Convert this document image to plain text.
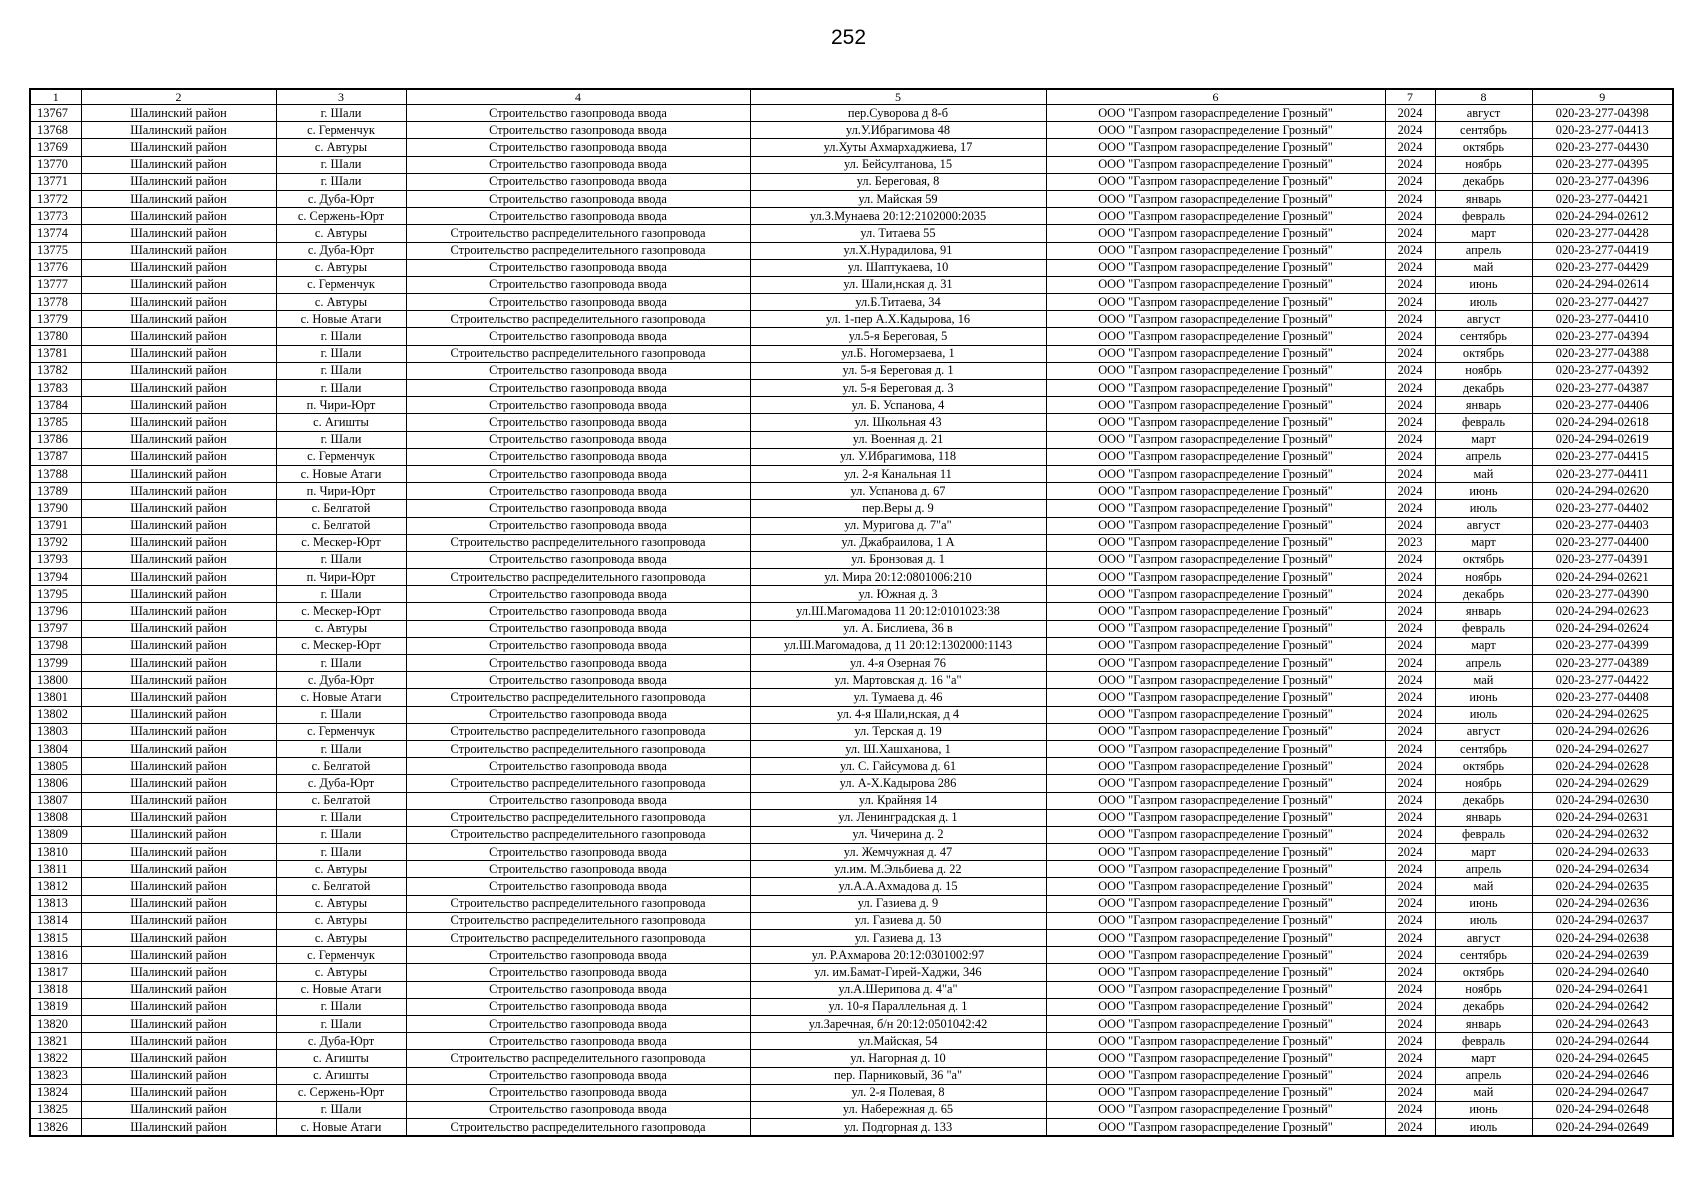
252
1	2	3	4	5	6	7	8	9
13767	Шалинский район	г. Шали	Строительство газопровода ввода	пер.Суворова д 8-б	ООО "Газпром газораспределение Грозный"	2024	август	020-23-277-04398
13768	Шалинский район	с. Герменчук	Строительство газопровода ввода	ул.У.Ибрагимова 48	ООО "Газпром газораспределение Грозный"	2024	сентябрь	020-23-277-04413
13769	Шалинский район	с. Автуры	Строительство газопровода ввода	ул.Хуты Ахмархаджиева, 17	ООО "Газпром газораспределение Грозный"	2024	октябрь	020-23-277-04430
13770	Шалинский район	г. Шали	Строительство газопровода ввода	ул. Бейсултанова, 15	ООО "Газпром газораспределение Грозный"	2024	ноябрь	020-23-277-04395
13771	Шалинский район	г. Шали	Строительство газопровода ввода	ул. Береговая, 8	ООО "Газпром газораспределение Грозный"	2024	декабрь	020-23-277-04396
13772	Шалинский район	с. Дуба-Юрт	Строительство газопровода ввода	ул. Майская 59	ООО "Газпром газораспределение Грозный"	2024	январь	020-23-277-04421
13773	Шалинский район	с. Сержень-Юрт	Строительство газопровода ввода	ул.З.Мунаева 20:12:2102000:2035	ООО "Газпром газораспределение Грозный"	2024	февраль	020-24-294-02612
13774	Шалинский район	с. Автуры	Строительство распределительного газопровода	ул. Титаева 55	ООО "Газпром газораспределение Грозный"	2024	март	020-23-277-04428
13775	Шалинский район	с. Дуба-Юрт	Строительство распределительного газопровода	ул.Х.Нурадилова, 91	ООО "Газпром газораспределение Грозный"	2024	апрель	020-23-277-04419
13776	Шалинский район	с. Автуры	Строительство газопровода ввода	ул. Шаптукаева, 10	ООО "Газпром газораспределение Грозный"	2024	май	020-23-277-04429
13777	Шалинский район	с. Герменчук	Строительство газопровода ввода	ул. Шали,нская д. 31	ООО "Газпром газораспределение Грозный"	2024	июнь	020-24-294-02614
13778	Шалинский район	с. Автуры	Строительство газопровода ввода	ул.Б.Титаева, 34	ООО "Газпром газораспределение Грозный"	2024	июль	020-23-277-04427
13779	Шалинский район	с. Новые Атаги	Строительство распределительного газопровода	ул. 1-пер А.Х.Кадырова, 16	ООО "Газпром газораспределение Грозный"	2024	август	020-23-277-04410
13780	Шалинский район	г. Шали	Строительство газопровода ввода	ул.5-я Береговая, 5	ООО "Газпром газораспределение Грозный"	2024	сентябрь	020-23-277-04394
13781	Шалинский район	г. Шали	Строительство распределительного газопровода	ул.Б. Ногомерзаева, 1	ООО "Газпром газораспределение Грозный"	2024	октябрь	020-23-277-04388
13782	Шалинский район	г. Шали	Строительство газопровода ввода	ул. 5-я Береговая д. 1	ООО "Газпром газораспределение Грозный"	2024	ноябрь	020-23-277-04392
13783	Шалинский район	г. Шали	Строительство газопровода ввода	ул. 5-я Береговая д. 3	ООО "Газпром газораспределение Грозный"	2024	декабрь	020-23-277-04387
13784	Шалинский район	п. Чири-Юрт	Строительство газопровода ввода	ул. Б. Успанова, 4	ООО "Газпром газораспределение Грозный"	2024	январь	020-23-277-04406
13785	Шалинский район	с. Агишты	Строительство газопровода ввода	ул. Школьная 43	ООО "Газпром газораспределение Грозный"	2024	февраль	020-24-294-02618
13786	Шалинский район	г. Шали	Строительство газопровода ввода	ул. Военная д. 21	ООО "Газпром газораспределение Грозный"	2024	март	020-24-294-02619
13787	Шалинский район	с. Герменчук	Строительство газопровода ввода	ул. У.Ибрагимова, 118	ООО "Газпром газораспределение Грозный"	2024	апрель	020-23-277-04415
13788	Шалинский район	с. Новые Атаги	Строительство газопровода ввода	ул. 2-я Канальная 11	ООО "Газпром газораспределение Грозный"	2024	май	020-23-277-04411
13789	Шалинский район	п. Чири-Юрт	Строительство газопровода ввода	ул. Успанова д. 67	ООО "Газпром газораспределение Грозный"	2024	июнь	020-24-294-02620
13790	Шалинский район	с. Белгатой	Строительство газопровода ввода	пер.Веры д. 9	ООО "Газпром газораспределение Грозный"	2024	июль	020-23-277-04402
13791	Шалинский район	с. Белгатой	Строительство газопровода ввода	ул. Муригова д. 7"а"	ООО "Газпром газораспределение Грозный"	2024	август	020-23-277-04403
13792	Шалинский район	с. Мескер-Юрт	Строительство распределительного газопровода	ул. Джабраилова, 1 А	ООО "Газпром газораспределение Грозный"	2023	март	020-23-277-04400
13793	Шалинский район	г. Шали	Строительство газопровода ввода	ул. Бронзовая д. 1	ООО "Газпром газораспределение Грозный"	2024	октябрь	020-23-277-04391
13794	Шалинский район	п. Чири-Юрт	Строительство распределительного газопровода	ул. Мира 20:12:0801006:210	ООО "Газпром газораспределение Грозный"	2024	ноябрь	020-24-294-02621
13795	Шалинский район	г. Шали	Строительство газопровода ввода	ул. Южная д. 3	ООО "Газпром газораспределение Грозный"	2024	декабрь	020-23-277-04390
13796	Шалинский район	с. Мескер-Юрт	Строительство газопровода ввода	ул.Ш.Магомадова 11 20:12:0101023:38	ООО "Газпром газораспределение Грозный"	2024	январь	020-24-294-02623
13797	Шалинский район	с. Автуры	Строительство газопровода ввода	ул. А. Бислиева, 36 в	ООО "Газпром газораспределение Грозный"	2024	февраль	020-24-294-02624
13798	Шалинский район	с. Мескер-Юрт	Строительство газопровода ввода	ул.Ш.Магомадова, д 11 20:12:1302000:1143	ООО "Газпром газораспределение Грозный"	2024	март	020-23-277-04399
13799	Шалинский район	г. Шали	Строительство газопровода ввода	ул. 4-я Озерная 76	ООО "Газпром газораспределение Грозный"	2024	апрель	020-23-277-04389
13800	Шалинский район	с. Дуба-Юрт	Строительство газопровода ввода	ул. Мартовская д. 16 "а"	ООО "Газпром газораспределение Грозный"	2024	май	020-23-277-04422
13801	Шалинский район	с. Новые Атаги	Строительство распределительного газопровода	ул. Тумаева д. 46	ООО "Газпром газораспределение Грозный"	2024	июнь	020-23-277-04408
13802	Шалинский район	г. Шали	Строительство газопровода ввода	ул. 4-я Шали,нская, д 4	ООО "Газпром газораспределение Грозный"	2024	июль	020-24-294-02625
13803	Шалинский район	с. Герменчук	Строительство распределительного газопровода	ул. Терская д. 19	ООО "Газпром газораспределение Грозный"	2024	август	020-24-294-02626
13804	Шалинский район	г. Шали	Строительство распределительного газопровода	ул. Ш.Хашханова, 1	ООО "Газпром газораспределение Грозный"	2024	сентябрь	020-24-294-02627
13805	Шалинский район	с. Белгатой	Строительство газопровода ввода	ул. С. Гайсумова д. 61	ООО "Газпром газораспределение Грозный"	2024	октябрь	020-24-294-02628
13806	Шалинский район	с. Дуба-Юрт	Строительство распределительного газопровода	ул. А-Х.Кадырова 286	ООО "Газпром газораспределение Грозный"	2024	ноябрь	020-24-294-02629
13807	Шалинский район	с. Белгатой	Строительство газопровода ввода	ул. Крайняя 14	ООО "Газпром газораспределение Грозный"	2024	декабрь	020-24-294-02630
13808	Шалинский район	г. Шали	Строительство распределительного газопровода	ул. Ленинградская д. 1	ООО "Газпром газораспределение Грозный"	2024	январь	020-24-294-02631
13809	Шалинский район	г. Шали	Строительство распределительного газопровода	ул. Чичерина д. 2	ООО "Газпром газораспределение Грозный"	2024	февраль	020-24-294-02632
13810	Шалинский район	г. Шали	Строительство газопровода ввода	ул. Жемчужная д. 47	ООО "Газпром газораспределение Грозный"	2024	март	020-24-294-02633
13811	Шалинский район	с. Автуры	Строительство газопровода ввода	ул.им. М.Эльбиева д. 22	ООО "Газпром газораспределение Грозный"	2024	апрель	020-24-294-02634
13812	Шалинский район	с. Белгатой	Строительство газопровода ввода	ул.А.А.Ахмадова д. 15	ООО "Газпром газораспределение Грозный"	2024	май	020-24-294-02635
13813	Шалинский район	с. Автуры	Строительство распределительного газопровода	ул. Газиева д. 9	ООО "Газпром газораспределение Грозный"	2024	июнь	020-24-294-02636
13814	Шалинский район	с. Автуры	Строительство распределительного газопровода	ул. Газиева д. 50	ООО "Газпром газораспределение Грозный"	2024	июль	020-24-294-02637
13815	Шалинский район	с. Автуры	Строительство распределительного газопровода	ул. Газиева д. 13	ООО "Газпром газораспределение Грозный"	2024	август	020-24-294-02638
13816	Шалинский район	с. Герменчук	Строительство газопровода ввода	ул. Р.Ахмарова 20:12:0301002:97	ООО "Газпром газораспределение Грозный"	2024	сентябрь	020-24-294-02639
13817	Шалинский район	с. Автуры	Строительство газопровода ввода	ул. им.Бамат-Гирей-Хаджи, 346	ООО "Газпром газораспределение Грозный"	2024	октябрь	020-24-294-02640
13818	Шалинский район	с. Новые Атаги	Строительство газопровода ввода	ул.А.Шерипова д. 4"а"	ООО "Газпром газораспределение Грозный"	2024	ноябрь	020-24-294-02641
13819	Шалинский район	г. Шали	Строительство газопровода ввода	ул. 10-я Параллельная д. 1	ООО "Газпром газораспределение Грозный"	2024	декабрь	020-24-294-02642
13820	Шалинский район	г. Шали	Строительство газопровода ввода	ул.Заречная, б/н 20:12:0501042:42	ООО "Газпром газораспределение Грозный"	2024	январь	020-24-294-02643
13821	Шалинский район	с. Дуба-Юрт	Строительство газопровода ввода	ул.Майская, 54	ООО "Газпром газораспределение Грозный"	2024	февраль	020-24-294-02644
13822	Шалинский район	с. Агишты	Строительство распределительного газопровода	ул. Нагорная д. 10	ООО "Газпром газораспределение Грозный"	2024	март	020-24-294-02645
13823	Шалинский район	с. Агишты	Строительство газопровода ввода	пер. Парниковый, 36 "а"	ООО "Газпром газораспределение Грозный"	2024	апрель	020-24-294-02646
13824	Шалинский район	с. Сержень-Юрт	Строительство газопровода ввода	ул. 2-я Полевая, 8	ООО "Газпром газораспределение Грозный"	2024	май	020-24-294-02647
13825	Шалинский район	г. Шали	Строительство газопровода ввода	ул. Набережная д. 65	ООО "Газпром газораспределение Грозный"	2024	июнь	020-24-294-02648
13826	Шалинский район	с. Новые Атаги	Строительство распределительного газопровода	ул. Подгорная д. 133	ООО "Газпром газораспределение Грозный"	2024	июль	020-24-294-02649
